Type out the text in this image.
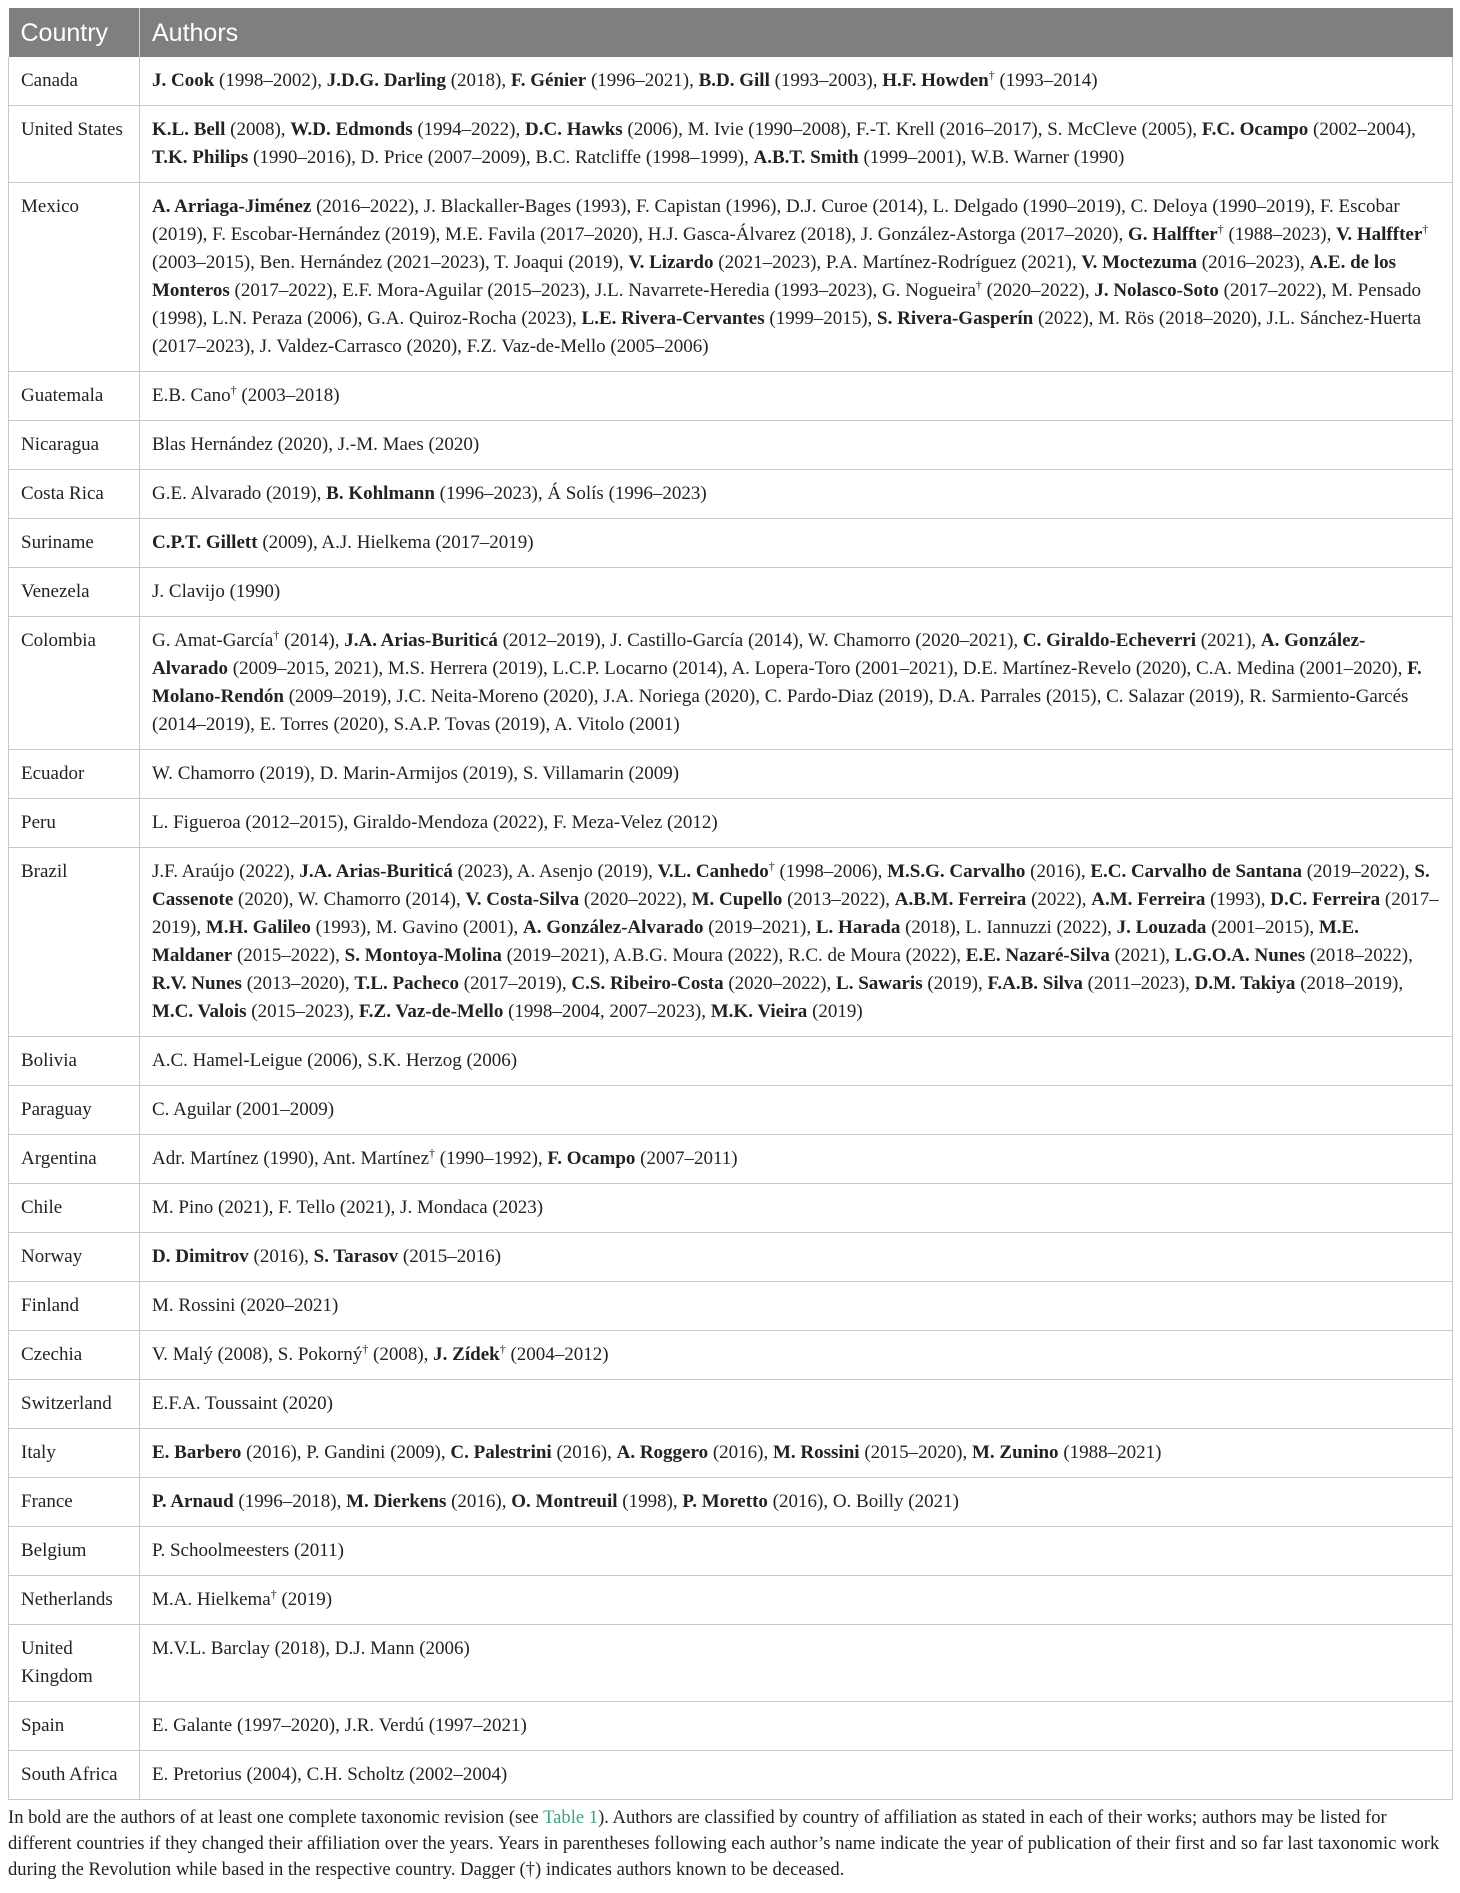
Country	Authors
Canada	J. Cook (1998–2002), J.D.G. Darling (2018), F. Génier (1996–2021), B.D. Gill (1993–2003), H.F. Howden† (1993–2014)
United States	K.L. Bell (2008), W.D. Edmonds (1994–2022), D.C. Hawks (2006), M. Ivie (1990–2008), F.-T. Krell (2016–2017), S. McCleve (2005), F.C. Ocampo (2002–2004), T.K. Philips (1990–2016), D. Price (2007–2009), B.C. Ratcliffe (1998–1999), A.B.T. Smith (1999–2001), W.B. Warner (1990)
Mexico	A. Arriaga-Jiménez (2016–2022), J. Blackaller-Bages (1993), F. Capistan (1996), D.J. Curoe (2014), L. Delgado (1990–2019), C. Deloya (1990–2019), F. Escobar (2019), F. Escobar-Hernández (2019), M.E. Favila (2017–2020), H.J. Gasca-Álvarez (2018), J. González-Astorga (2017–2020), G. Halffter† (1988–2023), V. Halffter† (2003–2015), Ben. Hernández (2021–2023), T. Joaqui (2019), V. Lizardo (2021–2023), P.A. Martínez-Rodríguez (2021), V. Moctezuma (2016–2023), A.E. de los Monteros (2017–2022), E.F. Mora-Aguilar (2015–2023), J.L. Navarrete-Heredia (1993–2023), G. Nogueira† (2020–2022), J. Nolasco-Soto (2017–2022), M. Pensado (1998), L.N. Peraza (2006), G.A. Quiroz-Rocha (2023), L.E. Rivera-Cervantes (1999–2015), S. Rivera-Gasperín (2022), M. Rös (2018–2020), J.L. Sánchez-Huerta (2017–2023), J. Valdez-Carrasco (2020), F.Z. Vaz-de-Mello (2005–2006)
Guatemala	E.B. Cano† (2003–2018)
Nicaragua	Blas Hernández (2020), J.-M. Maes (2020)
Costa Rica	G.E. Alvarado (2019), B. Kohlmann (1996–2023), Á Solís (1996–2023)
Suriname	C.P.T. Gillett (2009), A.J. Hielkema (2017–2019)
Venezela	J. Clavijo (1990)
Colombia	G. Amat-García† (2014), J.A. Arias-Buriticá (2012–2019), J. Castillo-García (2014), W. Chamorro (2020–2021), C. Giraldo-Echeverri (2021), A. González-Alvarado (2009–2015, 2021), M.S. Herrera (2019), L.C.P. Locarno (2014), A. Lopera-Toro (2001–2021), D.E. Martínez-Revelo (2020), C.A. Medina (2001–2020), F. Molano-Rendón (2009–2019), J.C. Neita-Moreno (2020), J.A. Noriega (2020), C. Pardo-Diaz (2019), D.A. Parrales (2015), C. Salazar (2019), R. Sarmiento-Garcés (2014–2019), E. Torres (2020), S.A.P. Tovas (2019), A. Vitolo (2001)
Ecuador	W. Chamorro (2019), D. Marin-Armijos (2019), S. Villamarin (2009)
Peru	L. Figueroa (2012–2015), Giraldo-Mendoza (2022), F. Meza-Velez (2012)
Brazil	J.F. Araújo (2022), J.A. Arias-Buriticá (2023), A. Asenjo (2019), V.L. Canhedo† (1998–2006), M.S.G. Carvalho (2016), E.C. Carvalho de Santana (2019–2022), S. Cassenote (2020), W. Chamorro (2014), V. Costa-Silva (2020–2022), M. Cupello (2013–2022), A.B.M. Ferreira (2022), A.M. Ferreira (1993), D.C. Ferreira (2017–2019), M.H. Galileo (1993), M. Gavino (2001), A. González-Alvarado (2019–2021), L. Harada (2018), L. Iannuzzi (2022), J. Louzada (2001–2015), M.E. Maldaner (2015–2022), S. Montoya-Molina (2019–2021), A.B.G. Moura (2022), R.C. de Moura (2022), E.E. Nazaré-Silva (2021), L.G.O.A. Nunes (2018–2022), R.V. Nunes (2013–2020), T.L. Pacheco (2017–2019), C.S. Ribeiro-Costa (2020–2022), L. Sawaris (2019), F.A.B. Silva (2011–2023), D.M. Takiya (2018–2019), M.C. Valois (2015–2023), F.Z. Vaz-de-Mello (1998–2004, 2007–2023), M.K. Vieira (2019)
Bolivia	A.C. Hamel-Leigue (2006), S.K. Herzog (2006)
Paraguay	C. Aguilar (2001–2009)
Argentina	Adr. Martínez (1990), Ant. Martínez† (1990–1992), F. Ocampo (2007–2011)
Chile	M. Pino (2021), F. Tello (2021), J. Mondaca (2023)
Norway	D. Dimitrov (2016), S. Tarasov (2015–2016)
Finland	M. Rossini (2020–2021)
Czechia	V. Malý (2008), S. Pokorný† (2008), J. Zídek† (2004–2012)
Switzerland	E.F.A. Toussaint (2020)
Italy	E. Barbero (2016), P. Gandini (2009), C. Palestrini (2016), A. Roggero (2016), M. Rossini (2015–2020), M. Zunino (1988–2021)
France	P. Arnaud (1996–2018), M. Dierkens (2016), O. Montreuil (1998), P. Moretto (2016), O. Boilly (2021)
Belgium	P. Schoolmeesters (2011)
Netherlands	M.A. Hielkema† (2019)
United Kingdom	M.V.L. Barclay (2018), D.J. Mann (2006)
Spain	E. Galante (1997–2020), J.R. Verdú (1997–2021)
South Africa	E. Pretorius (2004), C.H. Scholtz (2002–2004)
In bold are the authors of at least one complete taxonomic revision (see Table 1). Authors are classified by country of affiliation as stated in each of their works; authors may be listed for different countries if they changed their affiliation over the years. Years in parentheses following each author’s name indicate the year of publication of their first and so far last taxonomic work during the Revolution while based in the respective country. Dagger (†) indicates authors known to be deceased.
